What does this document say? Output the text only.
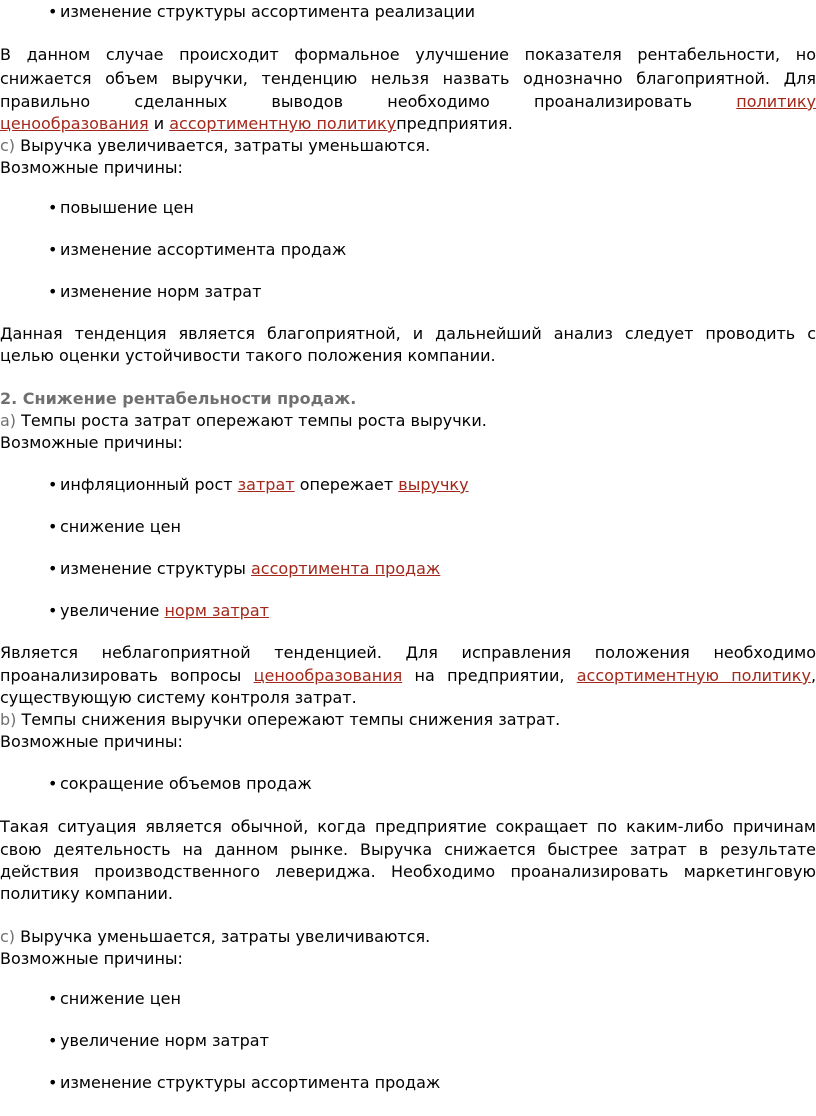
• изменение структуры ассортимента реализации
В данном случае происходит формальное улучшение показателя рентабельности, но
снижается объем выручки, тенденцию нельзя назвать однозначно благоприятной. Для
правильно сделанных выводов необходимо проанализировать	политику
ценообразования и ассортиментную политикупредприятия.
c) Выручка увеличивается, затраты уменьшаются.
Возможные причины:
• повышение цен
• изменение ассортимента продаж
• изменение норм затрат
Данная тенденция является благоприятной, и дальнейший анализ следует проводить с
целью оценки устойчивости такого положения компании.
2. Снижение рентабельности продаж.
a) Темпы роста затрат опережают темпы роста выручки.
Возможные причины:
• инфляционный рост затрат опережает выручку
• снижение цен
• изменение структуры ассортимента продаж
• увеличение норм затрат
Является неблагоприятной тенденцией. Для исправления положения необходимо
проанализировать вопросы ценообразования на предприятии, ассортиментную политику,
существующую систему контроля затрат.
b) Темпы снижения выручки опережают темпы снижения затрат.
Возможные причины:
• сокращение объемов продаж
Такая ситуация является обычной, когда предприятие сокращает по каким-либо причинам
свою деятельность на данном рынке. Выручка снижается быстрее затрат в результате
действия производственного левериджа. Необходимо проанализировать маркетинговую
политику компании.
c) Выручка уменьшается, затраты увеличиваются.
Возможные причины:
• снижение цен
• увеличение норм затрат
• изменение структуры ассортимента продаж
